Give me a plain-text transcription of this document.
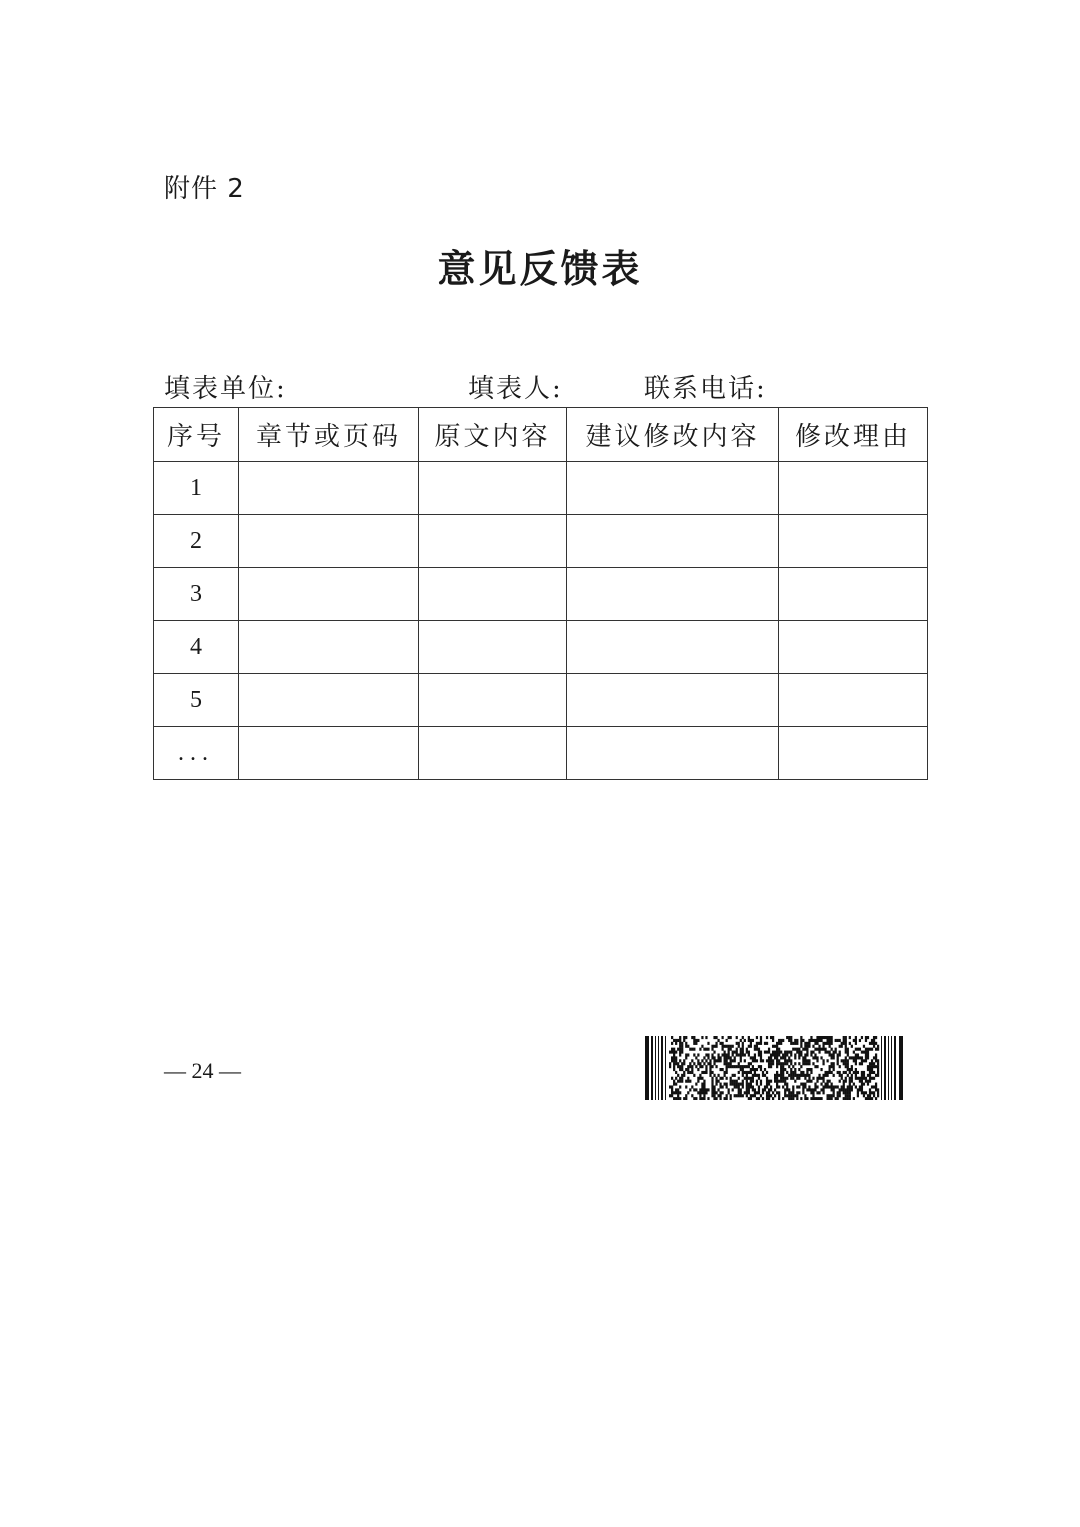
附件 2
意见反馈表
填表单位:	填表人:	联系电话:
序号	章节或页码	原文内容	建议修改内容	修改理由
1				
2				
3				
4				
5				
...				
— 24 —
